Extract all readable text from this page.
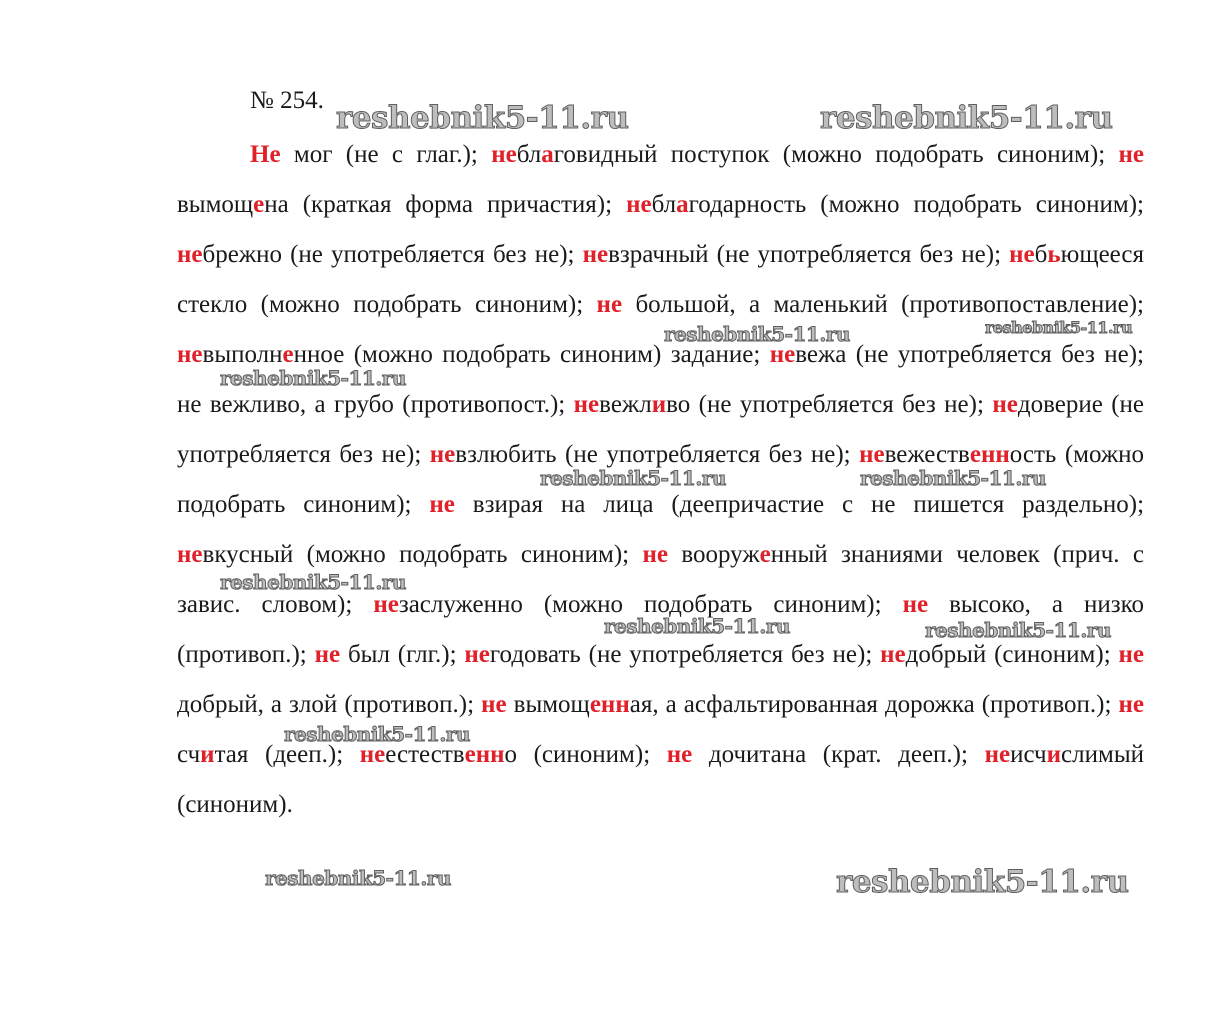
№ 254.

Не мог (не с глаг.); неблаговидный поступок (можно подобрать синоним); не вымощена (краткая форма причастия); неблагодарность (можно подобрать синоним); небрежно (не употребляется без не); невзрачный (не употребляется без не); небьющееся стекло (можно подобрать синоним); не большой, а маленький (противопоставление); невыполненное (можно подобрать синоним) задание; невежа (не употребляется без не); не вежливо, а грубо (противопост.); невежливо (не употребляется без не); недоверие (не употребляется без не); невзлюбить (не употребляется без не); невежественность (можно подобрать синоним); не взирая на лица (деепричастие с не пишется раздельно); невкусный (можно подобрать синоним); не вооруженный знаниями человек (прич. с завис. словом); незаслуженно (можно подобрать синоним); не высоко, а низко (противоп.); не был (глг.); негодовать (не употребляется без не); недобрый (синоним); не добрый, а злой (противоп.); не вымощенная, а асфальтированная дорожка (противоп.); не считая (дееп.); неестественно (синоним); не дочитана (крат. дееп.); неисчислимый (синоним).

reshebnik5-11.ru	reshebnik5-11.ru
reshebnik5-11.ru	reshebnik5-11.ru
reshebnik5-11.ru
reshebnik5-11.ru	reshebnik5-11.ru
reshebnik5-11.ru
reshebnik5-11.ru	reshebnik5-11.ru
reshebnik5-11.ru
reshebnik5-11.ru	reshebnik5-11.ru
